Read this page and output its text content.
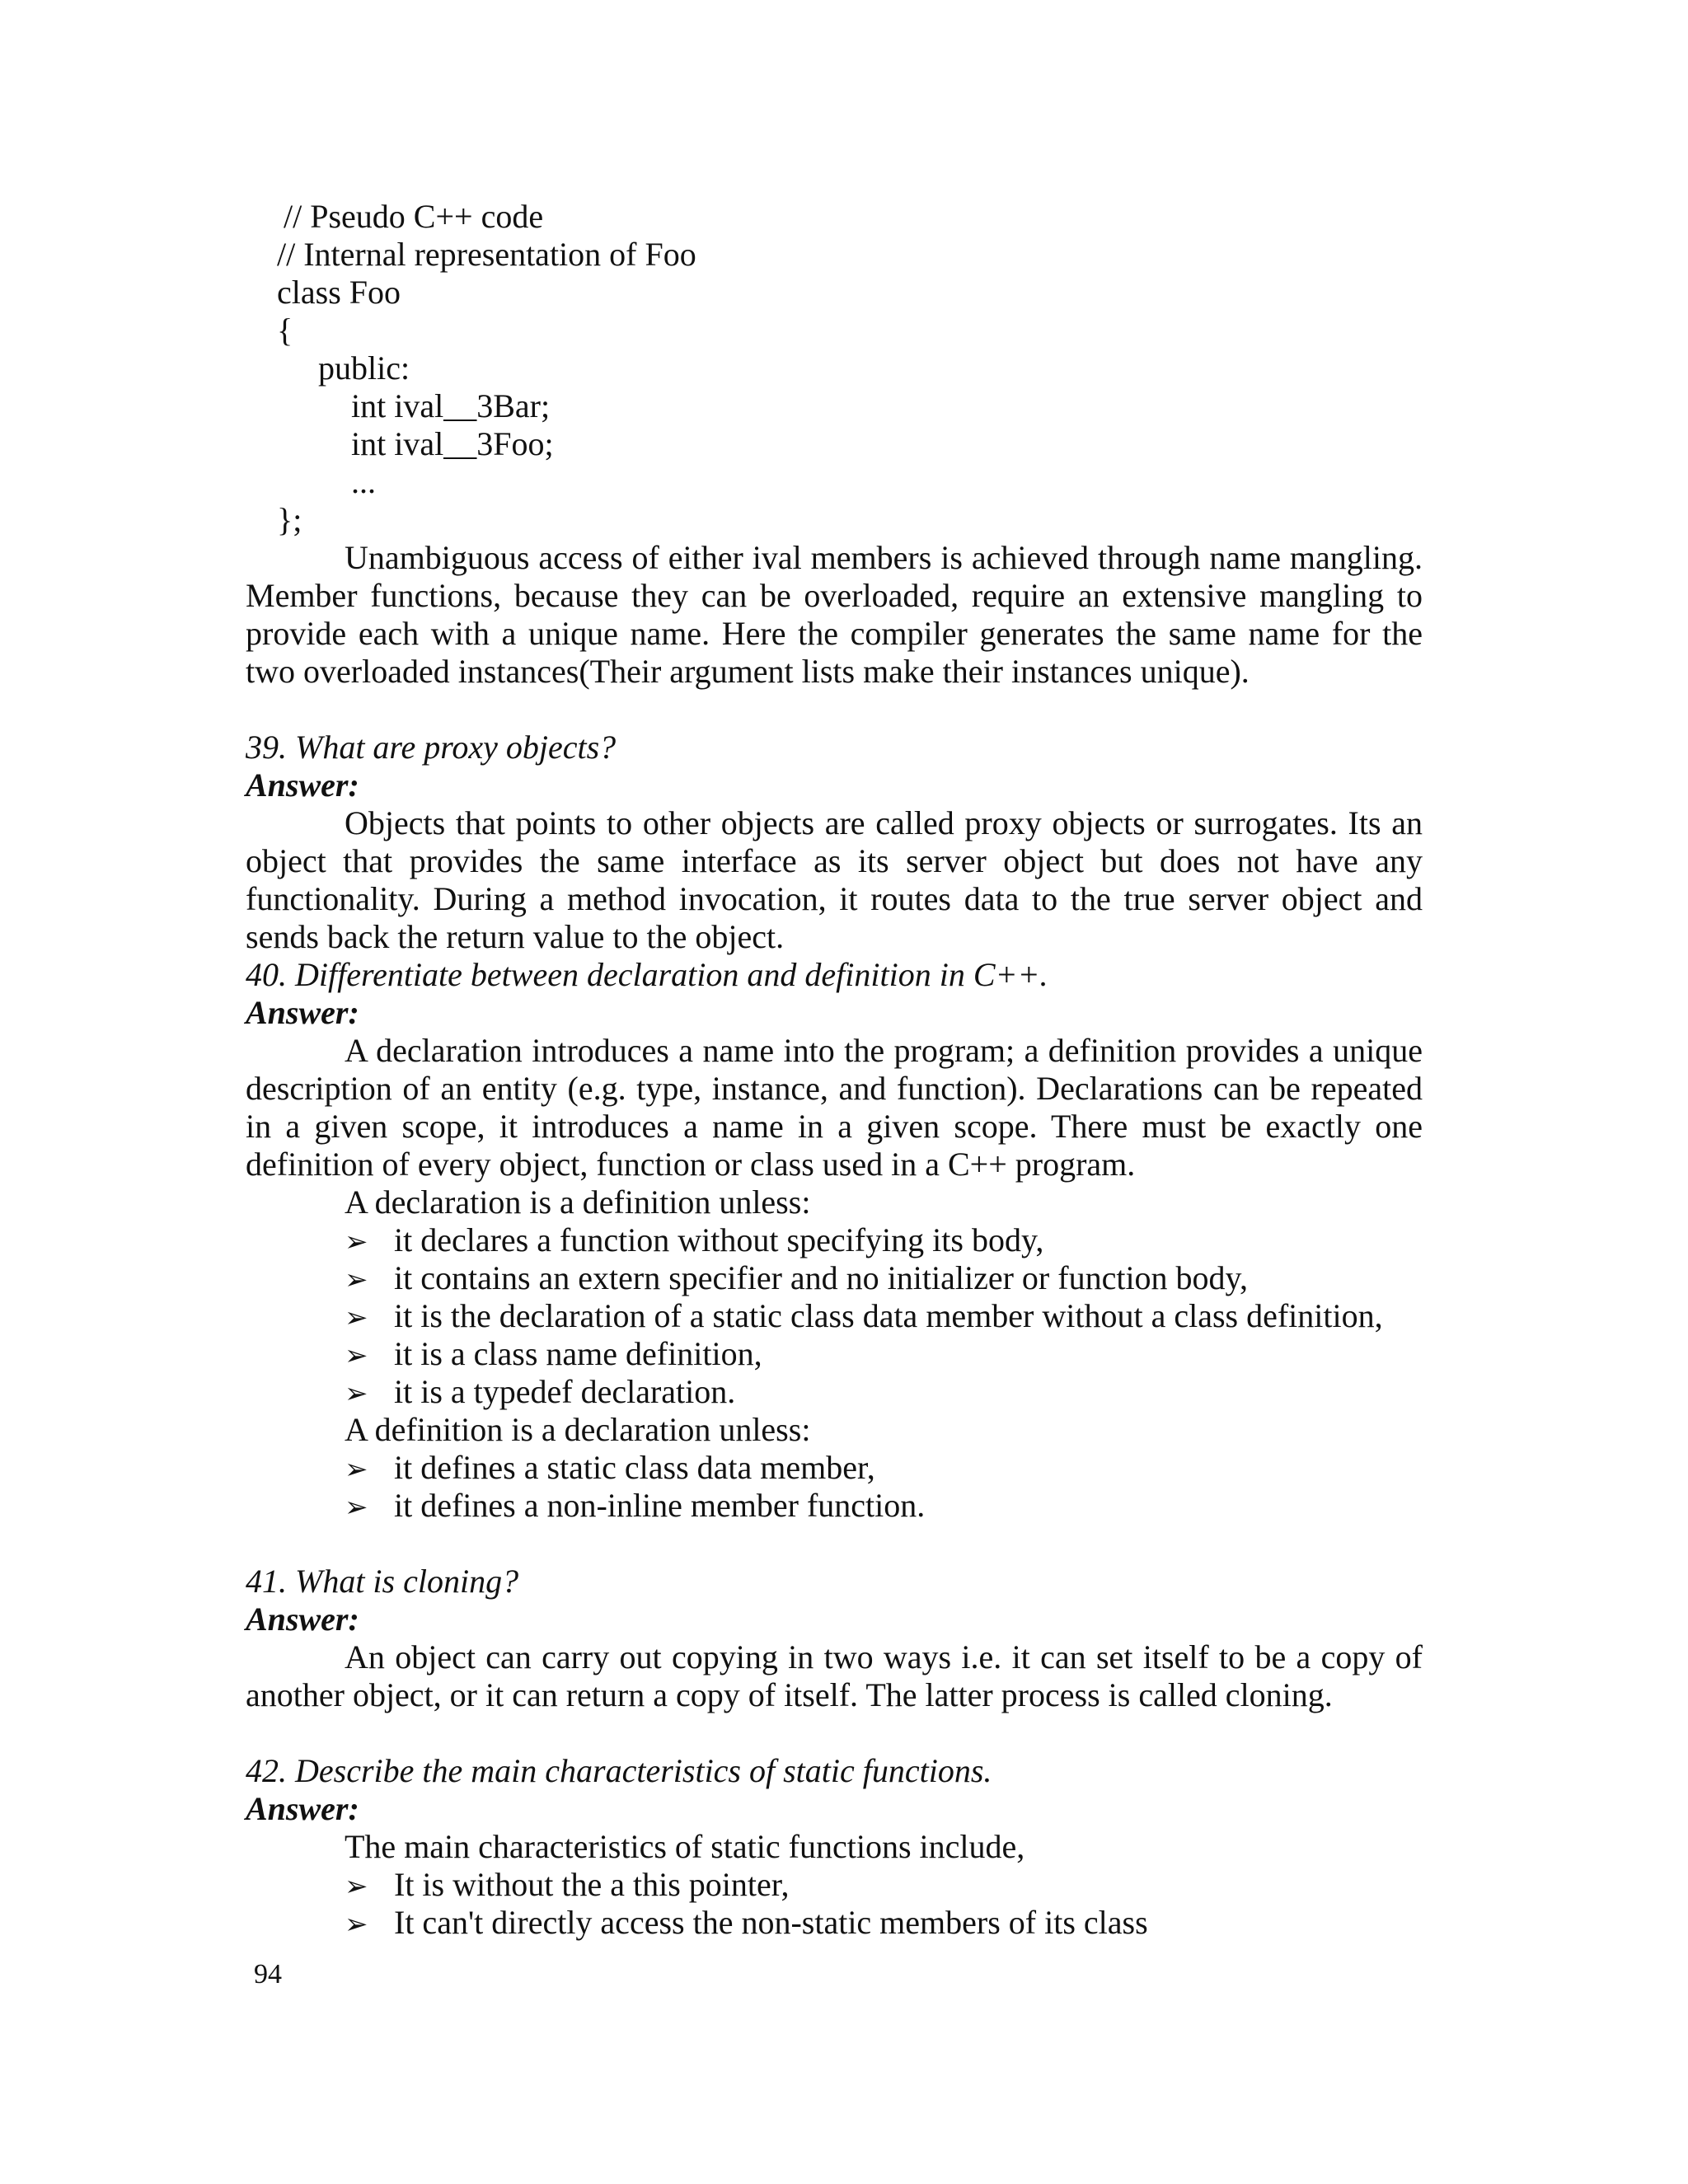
// Pseudo C++ code
// Internal representation of Foo
class Foo
{
public:
int ival__3Bar;
int ival__3Foo;
...
};
Unambiguous access of either ival members is achieved through name mangling. Member functions, because they can be overloaded, require an extensive mangling to provide each with a unique name. Here the compiler generates the same name for the two overloaded instances(Their argument lists make their instances unique).
39. What are proxy objects?
Answer:
Objects that points to other objects are called proxy objects or surrogates. Its an object that provides the same interface as its server object but does not have any functionality. During a method invocation, it routes data to the true server object and sends back the return value to the object.
40. Differentiate between declaration and definition in C++.
Answer:
A declaration introduces a name into the program; a definition provides a unique description of an entity (e.g. type, instance, and function). Declarations can be repeated in a given scope, it introduces a name in a given scope. There must be exactly one definition of every object, function or class used in a C++ program.
A declaration is a definition unless:
➢ it declares a function without specifying its body,
➢ it contains an extern specifier and no initializer or function body,
➢ it is the declaration of a static class data member without a class definition,
➢ it is a class name definition,
➢ it is a typedef declaration.
A definition is a declaration unless:
➢ it defines a static class data member,
➢ it defines a non-inline member function.
41. What is cloning?
Answer:
An object can carry out copying in two ways i.e. it can set itself to be a copy of another object, or it can return a copy of itself. The latter process is called cloning.
42. Describe the main characteristics of static functions.
Answer:
The main characteristics of static functions include,
➢ It is without the a this pointer,
➢ It can't directly access the non-static members of its class
94
